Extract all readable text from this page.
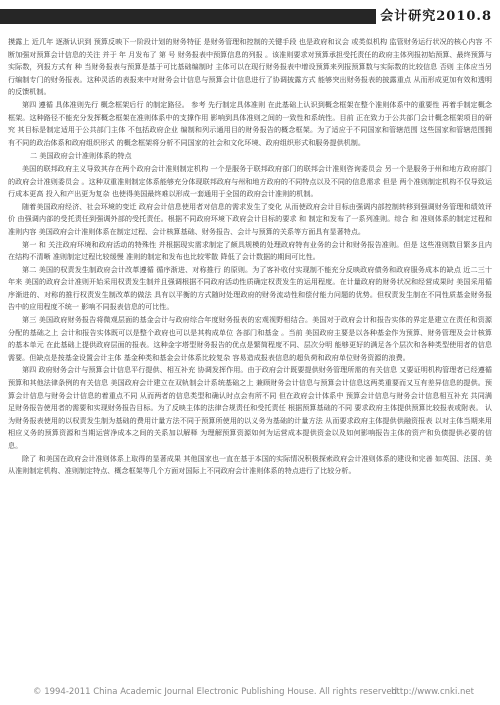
会计研究2010.8

摸露上 近几年 逐渐认识到 预算反映下一阶段计划的财务特征 是财务管理和控制的关键手段 也是政府和议会 或类似机构 监管财务运行状况的核心内容 不断加强对预算会计信息的关注 并于 年 月发布了 第 号 财务报表中预算信息的列报 。该准则要求对预算承担受托责任的政府主体列报初始预算、最终预算与实际数，列报方式有 种 当财务报表与预算是基于可比基础编制时 主体可以在现行财务报表中增设预算来列报预算数与实际数的比较信息 否则 主体应当另行编制专门的财务报表。这种灵活的表报来中对财务会计信息与预算会计信息进行了协调披露方式 能够突出财务报表的披露重点 从而形成更加有效和透明的反馈机制。

第四 遵循 具体准则先行 概念框架后行 的制定路径。 参考 先行制定具体准则 在此基础上认识到概念框架在整个准则体系中的重要性 再着手制定概念框架。这种路径不能充分发挥概念框架在准则体系中的支撑作用 影响到具体准则之间的一致性和系统性。目前 正在致力于公共部门会计概念框架项目的研究 其目标是制定适用于公共部门主体 不包括政府企业 编制和列示通用目的财务报告的概念框架。为了适应于不同国家和管辖范围 这些国家和管辖范围拥有不同的政治体系和政府组织形式 的概念框架将分析不同国家的社会和文化环境、政府组织形式和服务提供机制。

二 美国政府会计准则体系的特点

美国的联邦政府主义导致其存在两个政府会计准则制定机构 一个是服务于联邦政府部门的联邦会计准则咨询委员会 另一个是服务于州和地方政府部门的政府会计准则委员会 。这种双重准则制定体系能够充分体现联邦政府与州和地方政府的不同特点以及不同的信息需求 但是 两个准则制定机构不仅导致运行成本更高 投入和产出更为复杂 也使得美国最终难以形成一套通用于全国的政府会计准则的机制。

随着美国政府经济、社会环境的变迁 政府会计信息使用者对信息的需求发生了变化 从而使政府会计目标由强调内部控制转移到强调财务管理和绩效评价 由强调内部的受托责任到强调外部的受托责任。根据不同政府环境下政府会计目标的要求 和 制定和发布了一系列准则。综合 和 准则体系的制定过程和准则内容 美国政府会计准则体系在制定过程、会计核算基础、财务报告、会计与预算的关系等方面具有显著特点。

第一 和 关注政府环境和政府活动的特殊性 并根据现实需求制定了颇具规模的处理政府特有业务的会计和财务报告准则。但是 这些准则数目繁多且内在结构不清晰 准则制定过程比较缓慢 准则的制定和发布也比较零散 降低了会计数据的期间可比性。

第二 美国的权责发生制政府会计改革遵循 循序渐进、对称推行 的原则。为了客补收付实现制不能充分反映政府债务和政府服务成本的缺点 近二三十年来 美国的政府会计准则开始采用权责发生制并且强调根据不同政府活动性质确定权责发生的运用程度。在计量政府的财务状况和经营成果时 美国采用循序渐进的、对称的推行权责发生制改革的做法 具有以平衡的方式随时处理政府的财务流动性和偿付能力问题的优势。但权责发生制在不同性质基金财务报告中的应用程度不统一 影响不同报表信息的可比性。

第三 美国政府财务报告将微观层面的基金会计与政府综合年度财务报表的宏观视野相结合。美国对于政府会计和报告实体的界定是建立在责任和资源分配的基础之上 会计和报告实体既可以是整个政府也可以是其构成单位 各部门和基金 。当前 美国政府主要是以各种基金作为预算、财务管理及会计核算的基本单元 在此基础上提供政府层面的报表。这种金字塔型财务报告的优点是繁简程度不同、层次分明 能够更好的满足各个层次和各种类型使用者的信息需要。但缺点是按基金设置会计主体 基金种类和基金会计体系比较复杂 容易造成报表信息的超负荷和政府单位财务资源的浪费。

第四 政府财务会计与预算会计信息平行提供、相互补充 协调发挥作用。由于政府会计既要提供财务管理所需的有关信息 又要证明机构管理者已经遵循预算和其他法律条例的有关信息 美国政府会计建立在双轨制会计系统基础之上 兼顾财务会计信息与预算会计信息这两类重要而又互有差异信息的提供。预算会计信息与财务会计信息的着重点不同 从而两者的信息类型和确认时点会有所不同 但在政府会计体系中 预算会计信息与财务会计信息相互补充 共同满足财务报告使用者的需要和实现财务报告目标。为了反映主体的法律合规责任和受托责任 根据预算基础的不同 要求政府主体提供预算比较报表或附表。 认为财务报表使用的以权责发生制为基础的费用计量方法不同于预算所使用的以义务为基础的计量方法 从而要求政府主体提供供融资报表 以对主体当期来用相应义务的预算资源和当期运营净成本之间的关系加以解释 为理解预算资源如何为运营成本提供资金以及如何影响报告主体的资产和负债提供必要的信息。

除了 和美国在政府会计准则体系上取得的显著成果 其他国家也一直在基于本国的实际情况积极探索政府会计准则体系的建设和完善 如英国、法国、美 从准则制定机构、准则制定特点、概念框架等几个方面对国际上不同政府会计准则体系的特点进行了比较分析。

© 1994-2011 China Academic Journal Electronic Publishing House. All rights reserved.
http://www.cnki.net
